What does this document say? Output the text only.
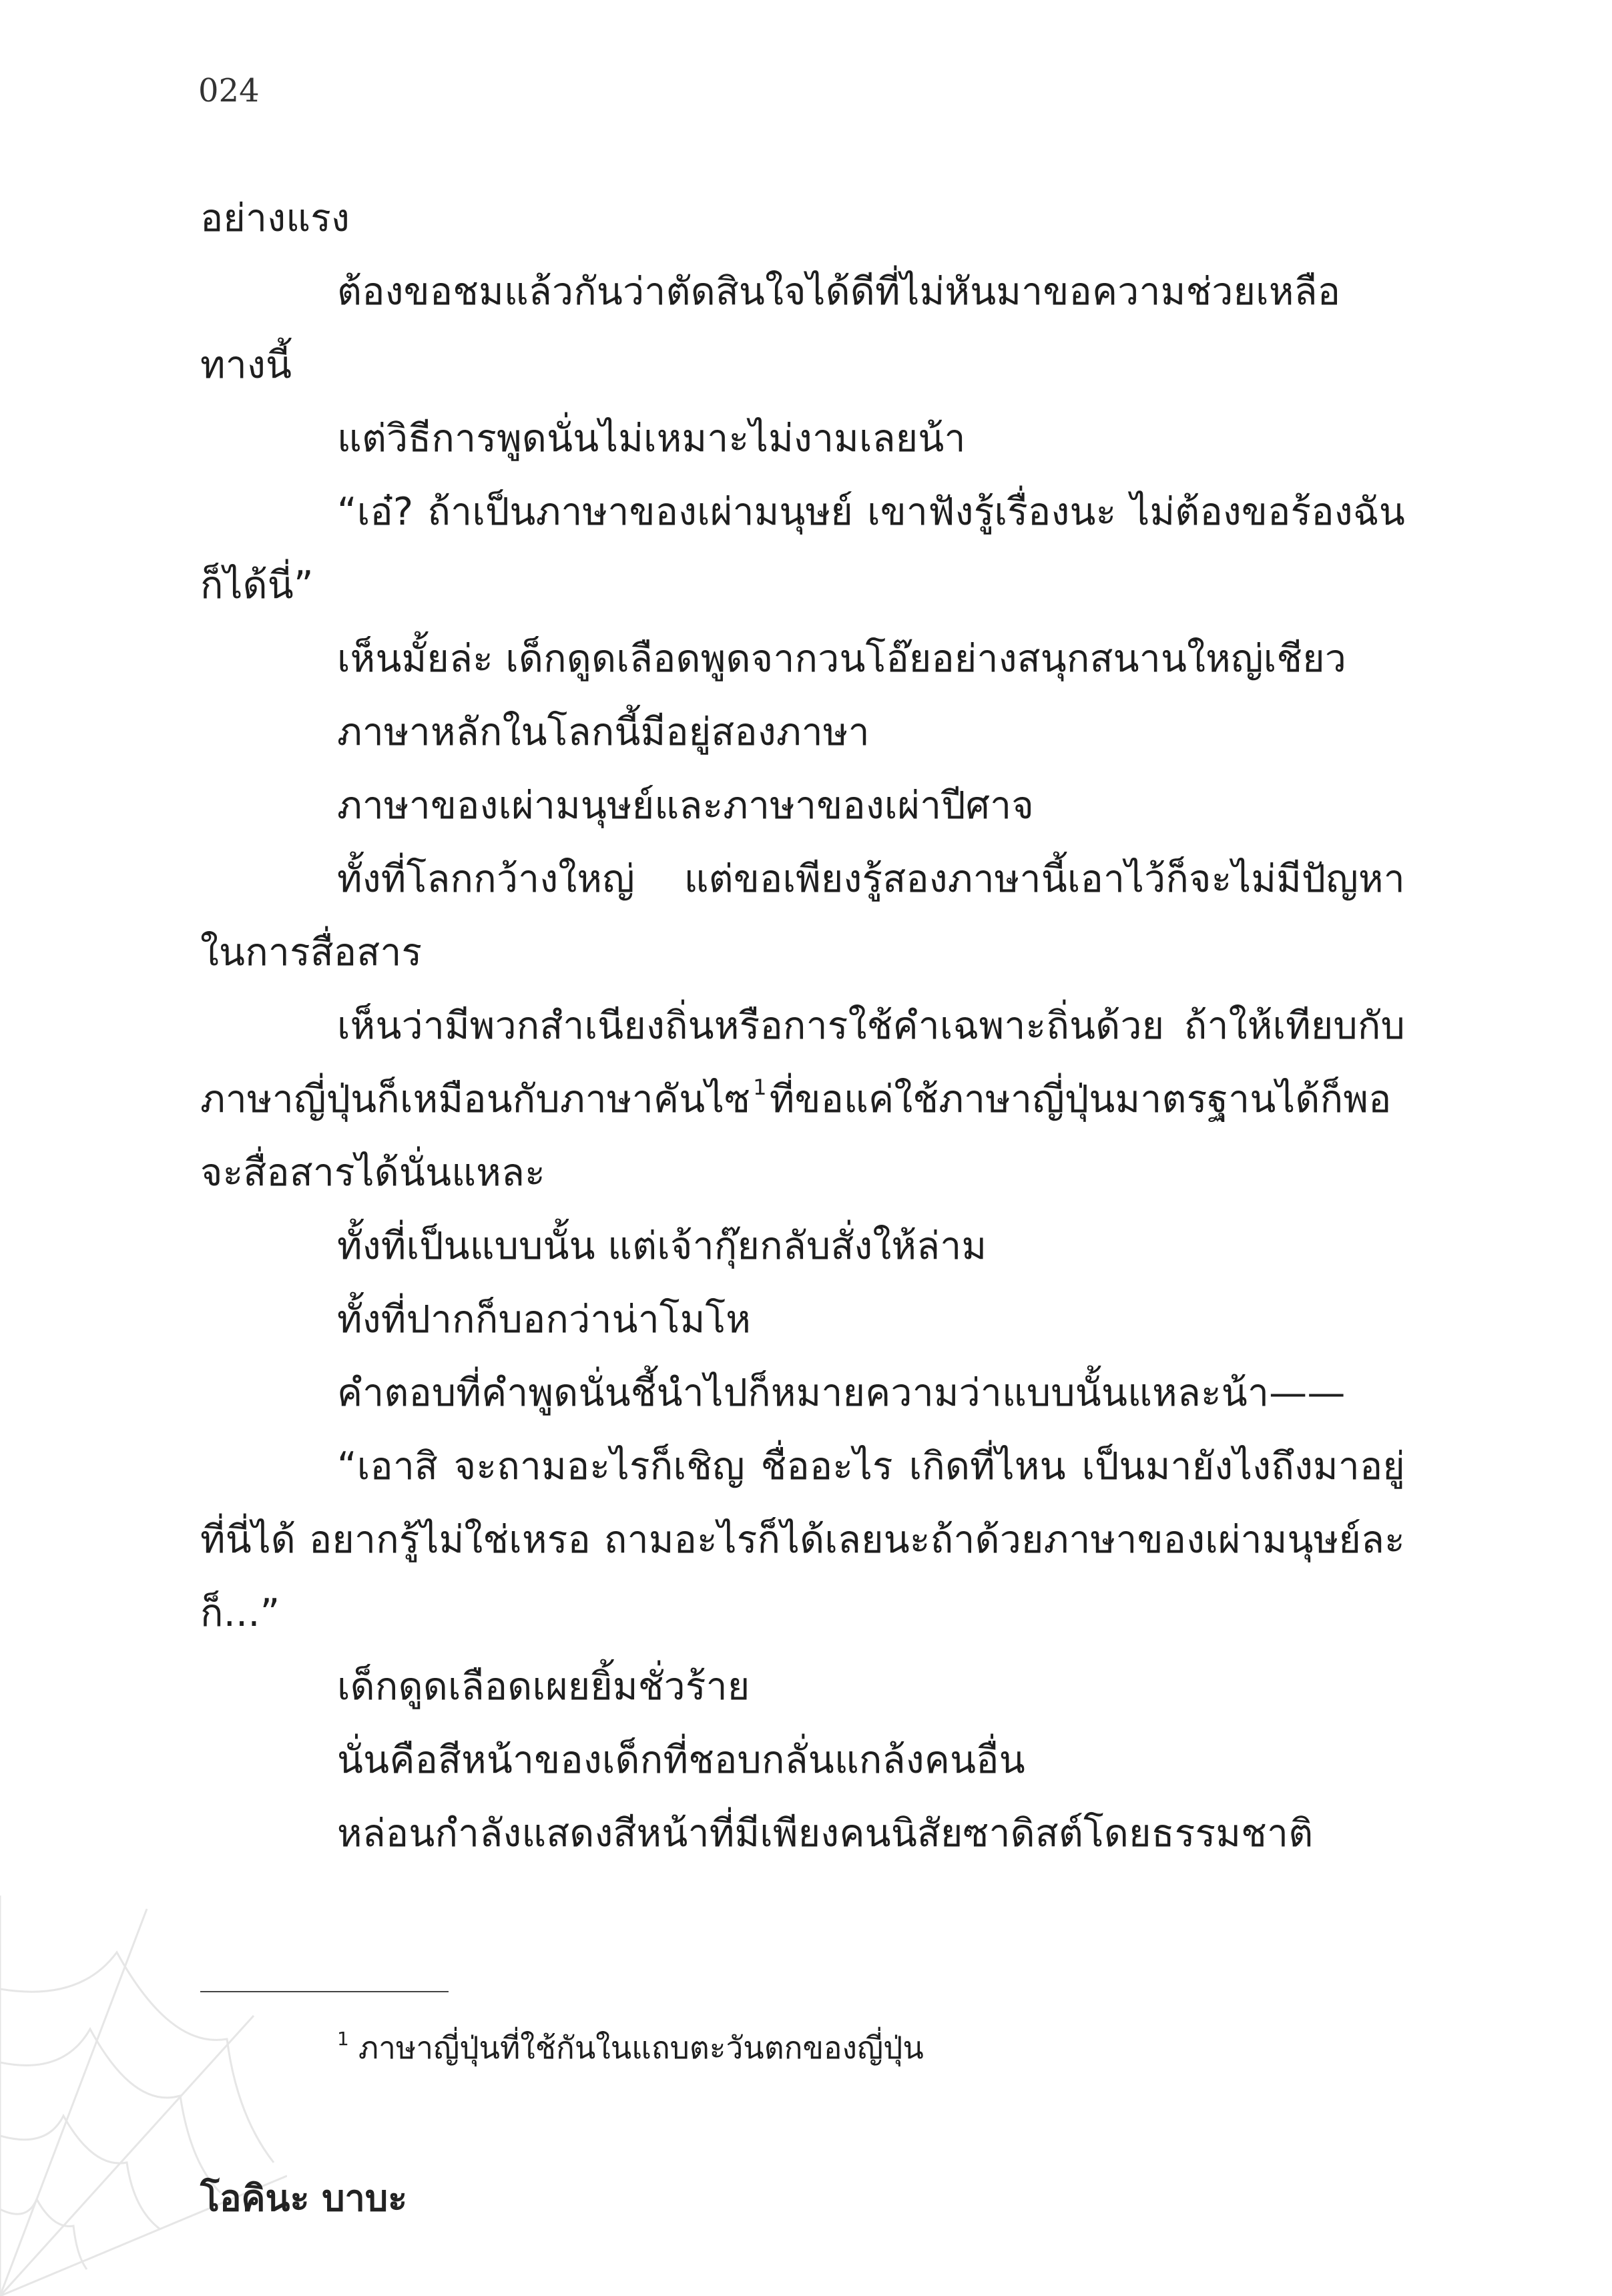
024

อย่างแรง

ต้องขอชมแล้วกันว่าตัดสินใจได้ดีที่ไม่หันมาขอความช่วยเหลือทางนี้

แต่วิธีการพูดนั่นไม่เหมาะไม่งามเลยน้า

“เอ๋? ถ้าเป็นภาษาของเผ่ามนุษย์ เขาฟังรู้เรื่องนะ ไม่ต้องขอร้องฉันก็ได้นี่”

เห็นมั้ยล่ะ เด็กดูดเลือดพูดจากวนโอ๊ยอย่างสนุกสนานใหญ่เชียว

ภาษาหลักในโลกนี้มีอยู่สองภาษา

ภาษาของเผ่ามนุษย์และภาษาของเผ่าปีศาจ

ทั้งที่โลกกว้างใหญ่ แต่ขอเพียงรู้สองภาษานี้เอาไว้ก็จะไม่มีปัญหาในการสื่อสาร

เห็นว่ามีพวกสำเนียงถิ่นหรือการใช้คำเฉพาะถิ่นด้วย ถ้าให้เทียบกับภาษาญี่ปุ่นก็เหมือนกับภาษาคันไซ $^1$ที่ขอแค่ใช้ภาษาญี่ปุ่นมาตรฐานได้ก็พอจะสื่อสารได้นั่นแหละ

ทั้งที่เป็นแบบนั้น แต่เจ้ากุ๊ยกลับสั่งให้ล่าม

ทั้งที่ปากก็บอกว่าน่าโมโห

คำตอบที่คำพูดนั่นชี้นำไปก็หมายความว่าแบบนั้นแหละน้า——

“เอาสิ จะถามอะไรก็เชิญ ชื่ออะไร เกิดที่ไหน เป็นมายังไงถึงมาอยู่ที่นี่ได้ อยากรู้ไม่ใช่เหรอ ถามอะไรก็ได้เลยนะถ้าด้วยภาษาของเผ่ามนุษย์ละก็...”

เด็กดูดเลือดเผยยิ้มชั่วร้าย

นั่นคือสีหน้าของเด็กที่ชอบกลั่นแกล้งคนอื่น

หล่อนกำลังแสดงสีหน้าที่มีเพียงคนนิสัยซาดิสต์โดยธรรมชาติ

$^1$ ภาษาญี่ปุ่นที่ใช้กันในแถบตะวันตกของญี่ปุ่น
โอคินะ บาบะ
